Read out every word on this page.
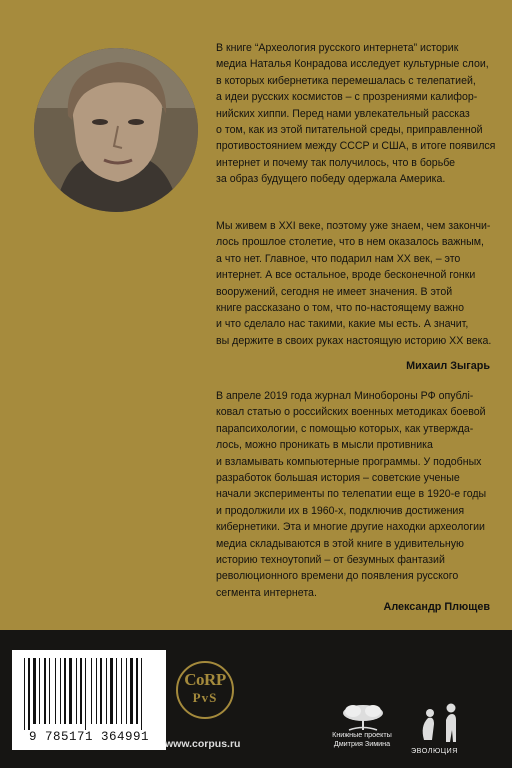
В книге “Археология русского интернета” историк
медиа Наталья Конрадова исследует культурные слои,
в которых кибернетика перемешалась с телепатией,
а идеи русских космистов – с прозрениями калифор-
нийских хиппи. Перед нами увлекательный рассказ
о том, как из этой питательной среды, приправленной
противостоянием между СССР и США, в итоге появился
интернет и почему так получилось, что в борьбе
за образ будущего победу одержала Америка.
Мы живем в XXI веке, поэтому уже знаем, чем закончи-
лось прошлое столетие, что в нем оказалось важным,
а что нет. Главное, что подарил нам XX век, – это
интернет. А все остальное, вроде бесконечной гонки
вооружений, сегодня не имеет значения. В этой
книге рассказано о том, что по-настоящему важно
и что сделало нас такими, какие мы есть. А значит,
вы держите в своих руках настоящую историю XX века.
Михаил Зыгарь
В апреле 2019 года журнал Минобороны РФ опублі-
ковал статью о российских военных методиках боевой
парапсихологии, с помощью которых, как утвержда-
лось, можно проникать в мысли противника
и взламывать компьютерные программы. У подобных
разработок большая история – советские ученые
начали эксперименты по телепатии еще в 1920-е годы
и продолжили их в 1960-х, подключив достижения
кибернетики. Эта и многие другие находки археологии
медиа складываются в этой книге в удивительную
историю технoутопий – от безумных фантазий
революционного времени до появления русского
сегмента интернета.
Александр Плющев
9 785171 364991
CoRP
PvS
www.corpus.ru
Книжные проекты
Дмитрия Зимина
ЭВОЛЮЦИЯ
